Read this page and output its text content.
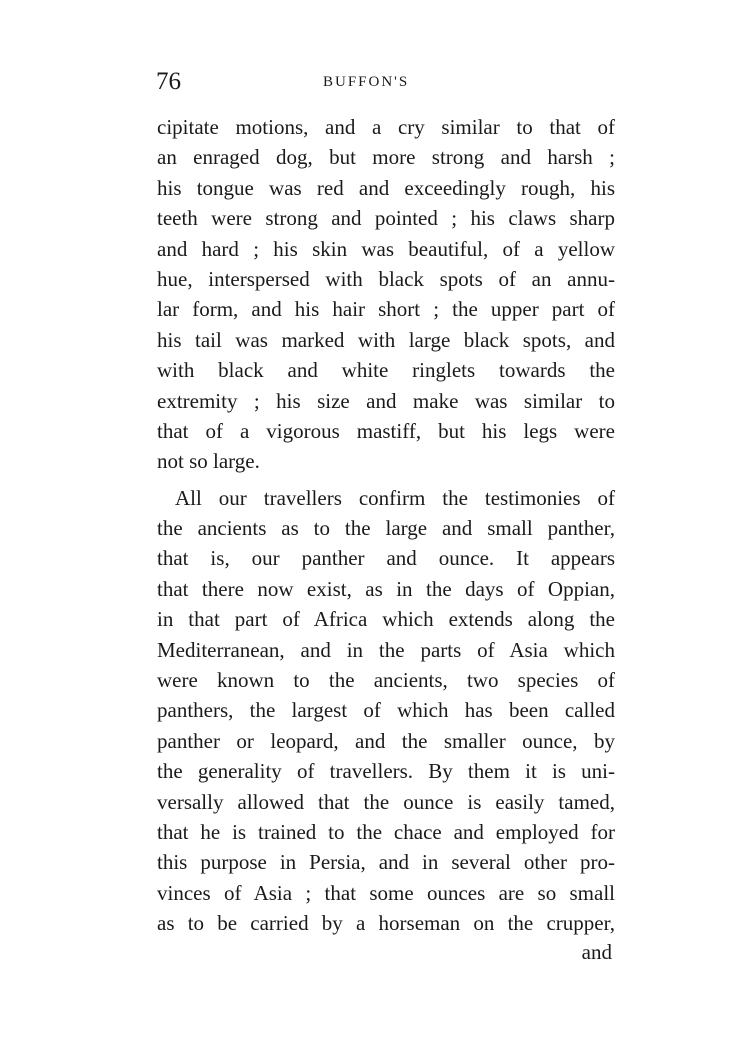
76	BUFFON'S
cipitate motions, and a cry similar to that of
an enraged dog, but more strong and harsh ;
his tongue was red and exceedingly rough, his
teeth were strong and pointed ; his claws sharp
and hard ; his skin was beautiful, of a yellow
hue, interspersed with black spots of an annu-
lar form, and his hair short ; the upper part of
his tail was marked with large black spots, and
with black and white ringlets towards the
extremity ; his size and make was similar to
that of a vigorous mastiff, but his legs were
not so large.
All our travellers confirm the testimonies of
the ancients as to the large and small panther,
that is, our panther and ounce. It appears
that there now exist, as in the days of Oppian,
in that part of Africa which extends along the
Mediterranean, and in the parts of Asia which
were known to the ancients, two species of
panthers, the largest of which has been called
panther or leopard, and the smaller ounce, by
the generality of travellers. By them it is uni-
versally allowed that the ounce is easily tamed,
that he is trained to the chace and employed for
this purpose in Persia, and in several other pro-
vinces of Asia ; that some ounces are so small
as to be carried by a horseman on the crupper,
and
